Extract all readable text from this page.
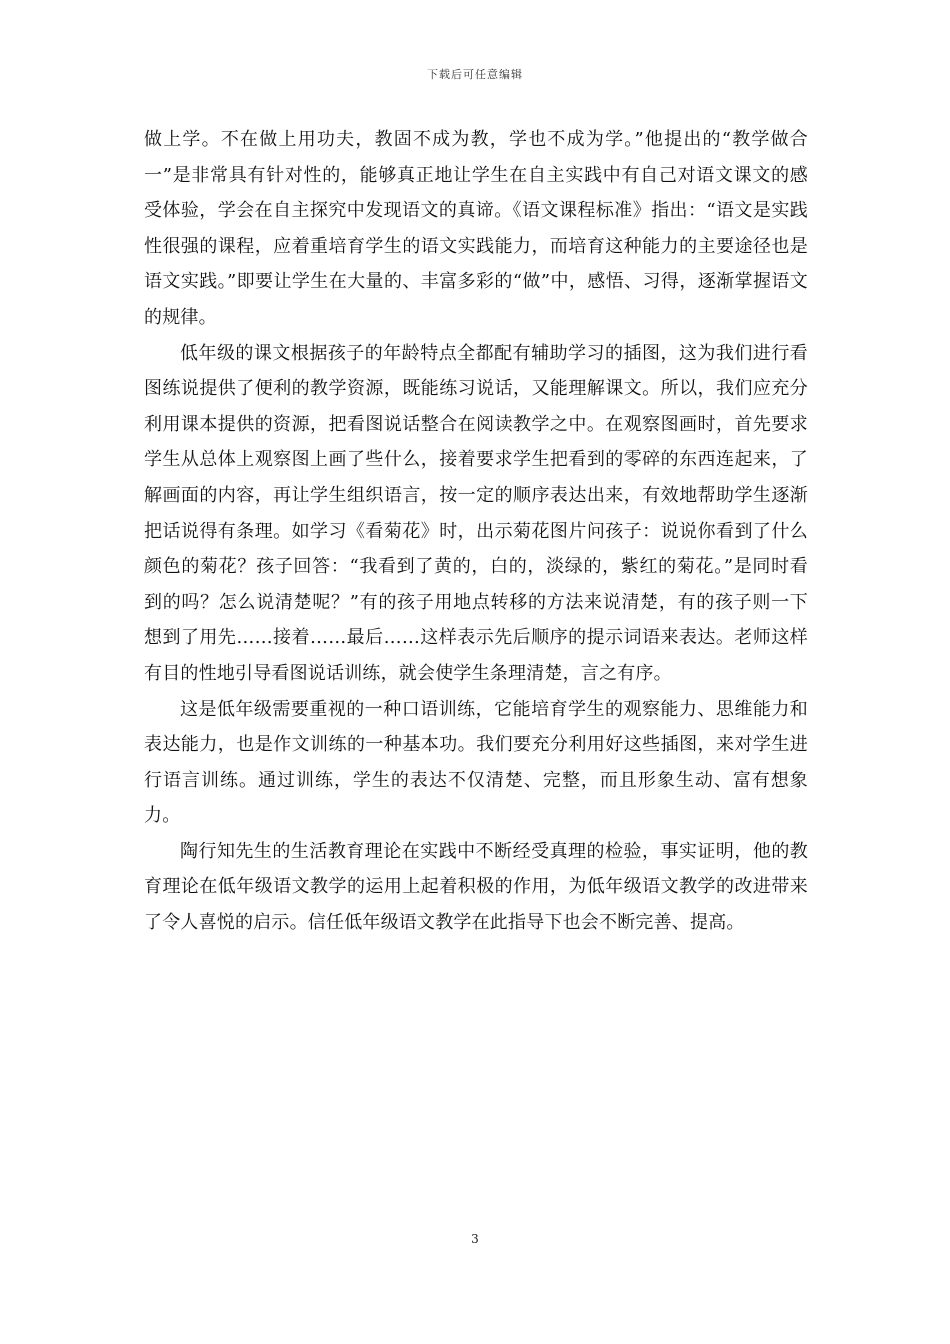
下载后可任意编辑

做上学。不在做上用功夫，教固不成为教，学也不成为学。”他提出的“教学做合一”是非常具有针对性的，能够真正地让学生在自主实践中有自己对语文课文的感受体验，学会在自主探究中发现语文的真谛。《语文课程标准》指出：“语文是实践性很强的课程，应着重培育学生的语文实践能力，而培育这种能力的主要途径也是语文实践。”即要让学生在大量的、丰富多彩的“做”中，感悟、习得，逐渐掌握语文的规律。

低年级的课文根据孩子的年龄特点全都配有辅助学习的插图，这为我们进行看图练说提供了便利的教学资源，既能练习说话，又能理解课文。所以，我们应充分利用课本提供的资源，把看图说话整合在阅读教学之中。在观察图画时，首先要求学生从总体上观察图上画了些什么，接着要求学生把看到的零碎的东西连起来，了解画面的内容，再让学生组织语言，按一定的顺序表达出来，有效地帮助学生逐渐把话说得有条理。如学习《看菊花》时，出示菊花图片问孩子：说说你看到了什么颜色的菊花？孩子回答：“我看到了黄的，白的，淡绿的，紫红的菊花。”是同时看到的吗？怎么说清楚呢？”有的孩子用地点转移的方法来说清楚，有的孩子则一下想到了用先……接着……最后……这样表示先后顺序的提示词语来表达。老师这样有目的性地引导看图说话训练，就会使学生条理清楚，言之有序。

这是低年级需要重视的一种口语训练，它能培育学生的观察能力、思维能力和表达能力，也是作文训练的一种基本功。我们要充分利用好这些插图，来对学生进行语言训练。通过训练，学生的表达不仅清楚、完整，而且形象生动、富有想象力。

陶行知先生的生活教育理论在实践中不断经受真理的检验，事实证明，他的教育理论在低年级语文教学的运用上起着积极的作用，为低年级语文教学的改进带来了令人喜悦的启示。信任低年级语文教学在此指导下也会不断完善、提高。

3
